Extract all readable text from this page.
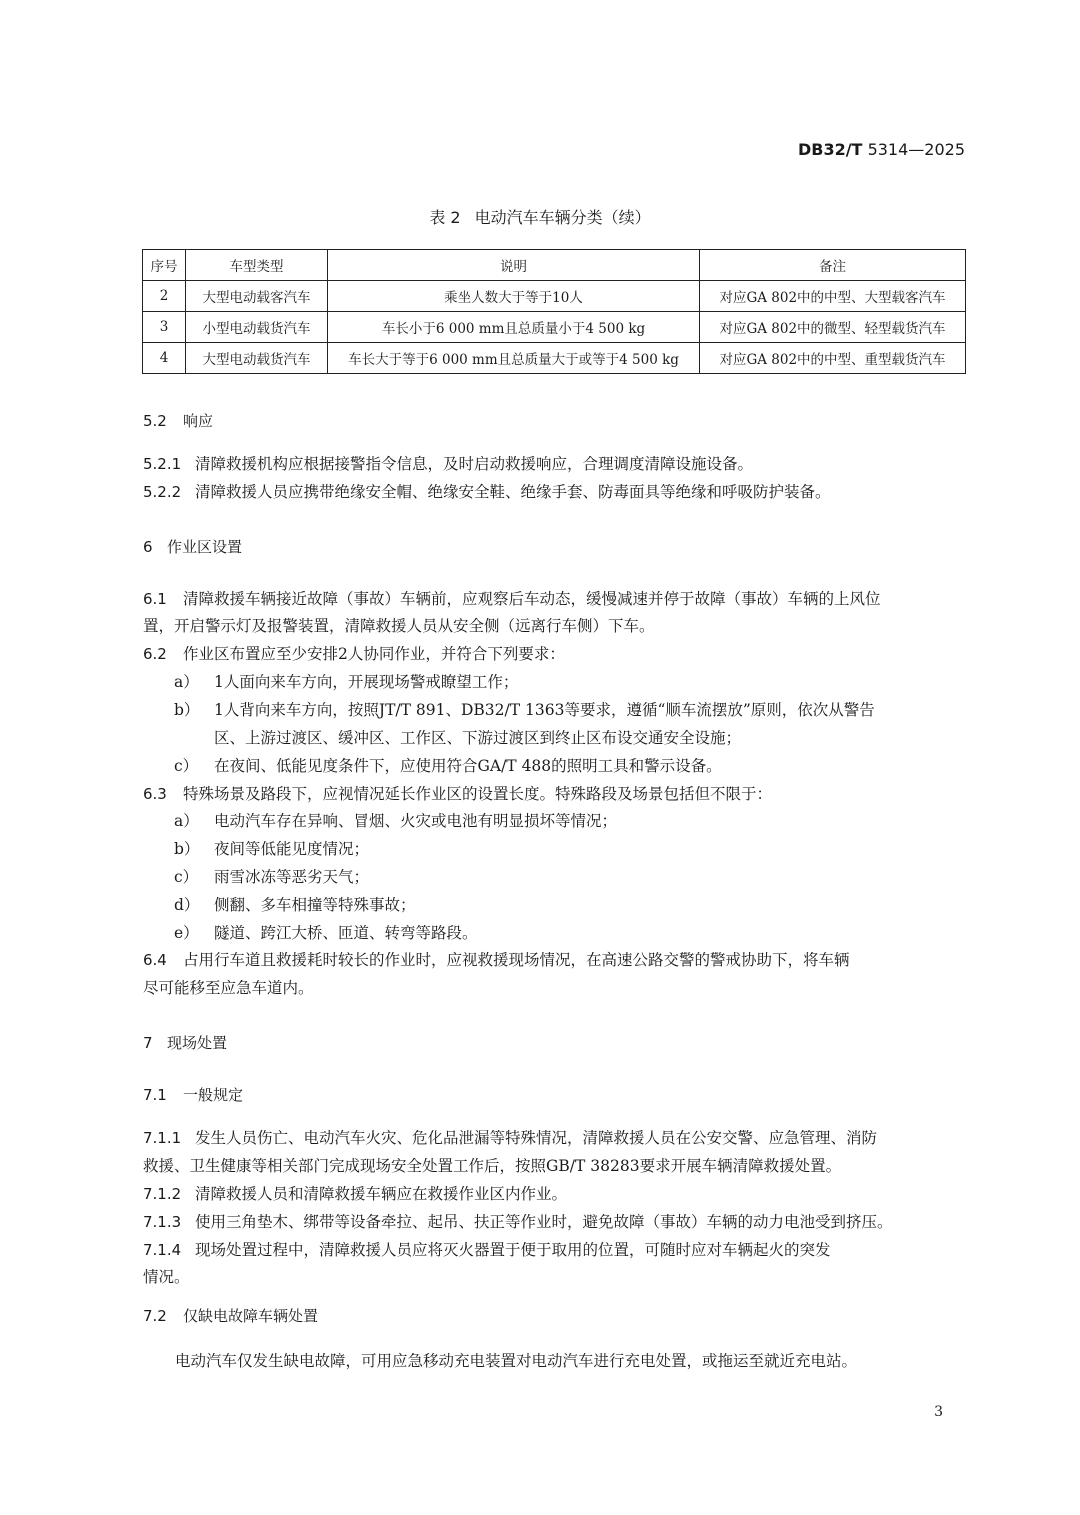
DB32/T 5314—2025
表 2 电动汽车车辆分类（续）
序号	车型类型	说明	备注
2	大型电动载客汽车	乘坐人数大于等于10人	对应GA 802中的中型、大型载客汽车
3	小型电动载货汽车	车长小于6 000 mm且总质量小于4 500 kg	对应GA 802中的微型、轻型载货汽车
4	大型电动载货汽车	车长大于等于6 000 mm且总质量大于或等于4 500 kg	对应GA 802中的中型、重型载货汽车
5.2 响应
5.2.1 清障救援机构应根据接警指令信息，及时启动救援响应，合理调度清障设施设备。
5.2.2 清障救援人员应携带绝缘安全帽、绝缘安全鞋、绝缘手套、防毒面具等绝缘和呼吸防护装备。
6 作业区设置
6.1 清障救援车辆接近故障（事故）车辆前，应观察后车动态，缓慢减速并停于故障（事故）车辆的上风位
置，开启警示灯及报警装置，清障救援人员从安全侧（远离行车侧）下车。
6.2 作业区布置应至少安排2人协同作业，并符合下列要求：
a） 1人面向来车方向，开展现场警戒瞭望工作；
b） 1人背向来车方向，按照JT/T 891、DB32/T 1363等要求，遵循“顺车流摆放”原则，依次从警告
区、上游过渡区、缓冲区、工作区、下游过渡区到终止区布设交通安全设施；
c） 在夜间、低能见度条件下，应使用符合GA/T 488的照明工具和警示设备。
6.3 特殊场景及路段下，应视情况延长作业区的设置长度。特殊路段及场景包括但不限于：
a） 电动汽车存在异响、冒烟、火灾或电池有明显损坏等情况；
b） 夜间等低能见度情况；
c） 雨雪冰冻等恶劣天气；
d） 侧翻、多车相撞等特殊事故；
e） 隧道、跨江大桥、匝道、转弯等路段。
6.4 占用行车道且救援耗时较长的作业时，应视救援现场情况，在高速公路交警的警戒协助下，将车辆
尽可能移至应急车道内。
7 现场处置
7.1 一般规定
7.1.1 发生人员伤亡、电动汽车火灾、危化品泄漏等特殊情况，清障救援人员在公安交警、应急管理、消防
救援、卫生健康等相关部门完成现场安全处置工作后，按照GB/T 38283要求开展车辆清障救援处置。
7.1.2 清障救援人员和清障救援车辆应在救援作业区内作业。
7.1.3 使用三角垫木、绑带等设备牵拉、起吊、扶正等作业时，避免故障（事故）车辆的动力电池受到挤压。
7.1.4 现场处置过程中，清障救援人员应将灭火器置于便于取用的位置，可随时应对车辆起火的突发
情况。
7.2 仅缺电故障车辆处置
电动汽车仅发生缺电故障，可用应急移动充电装置对电动汽车进行充电处置，或拖运至就近充电站。
3
